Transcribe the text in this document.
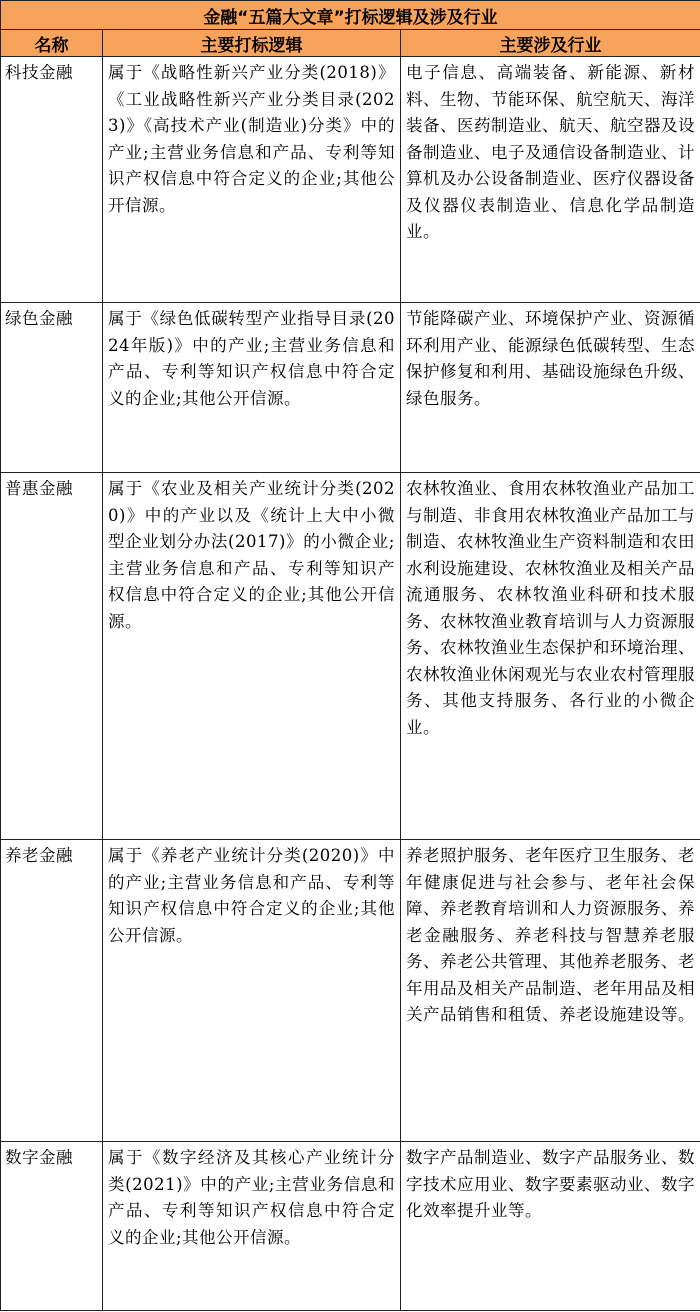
金融“五篇大文章”打标逻辑及涉及行业		
名称	主要打标逻辑	主要涉及行业
科技金融	属于《战略性新兴产业分类(2018)》《工业战略性新兴产业分类目录(2023)》《高技术产业(制造业)分类》中的产业;主营业务信息和产品、专利等知识产权信息中符合定义的企业;其他公开信源。	电子信息、高端装备、新能源、新材料、生物、节能环保、航空航天、海洋装备、医药制造业、航天、航空器及设备制造业、电子及通信设备制造业、计算机及办公设备制造业、医疗仪器设备及仪器仪表制造业、信息化学品制造业。
绿色金融	属于《绿色低碳转型产业指导目录(2024年版)》中的产业;主营业务信息和产品、专利等知识产权信息中符合定义的企业;其他公开信源。	节能降碳产业、环境保护产业、资源循环利用产业、能源绿色低碳转型、生态保护修复和利用、基础设施绿色升级、绿色服务。
普惠金融	属于《农业及相关产业统计分类(2020)》中的产业以及《统计上大中小微型企业划分办法(2017)》的小微企业;主营业务信息和产品、专利等知识产权信息中符合定义的企业;其他公开信源。	农林牧渔业、食用农林牧渔业产品加工与制造、非食用农林牧渔业产品加工与制造、农林牧渔业生产资料制造和农田水利设施建设、农林牧渔业及相关产品流通服务、农林牧渔业科研和技术服务、农林牧渔业教育培训与人力资源服务、农林牧渔业生态保护和环境治理、农林牧渔业休闲观光与农业农村管理服务、其他支持服务、各行业的小微企业。
养老金融	属于《养老产业统计分类(2020)》中的产业;主营业务信息和产品、专利等知识产权信息中符合定义的企业;其他公开信源。	养老照护服务、老年医疗卫生服务、老年健康促进与社会参与、老年社会保障、养老教育培训和人力资源服务、养老金融服务、养老科技与智慧养老服务、养老公共管理、其他养老服务、老年用品及相关产品制造、老年用品及相关产品销售和租赁、养老设施建设等。
数字金融	属于《数字经济及其核心产业统计分类(2021)》中的产业;主营业务信息和产品、专利等知识产权信息中符合定义的企业;其他公开信源。	数字产品制造业、数字产品服务业、数字技术应用业、数字要素驱动业、数字化效率提升业等。
